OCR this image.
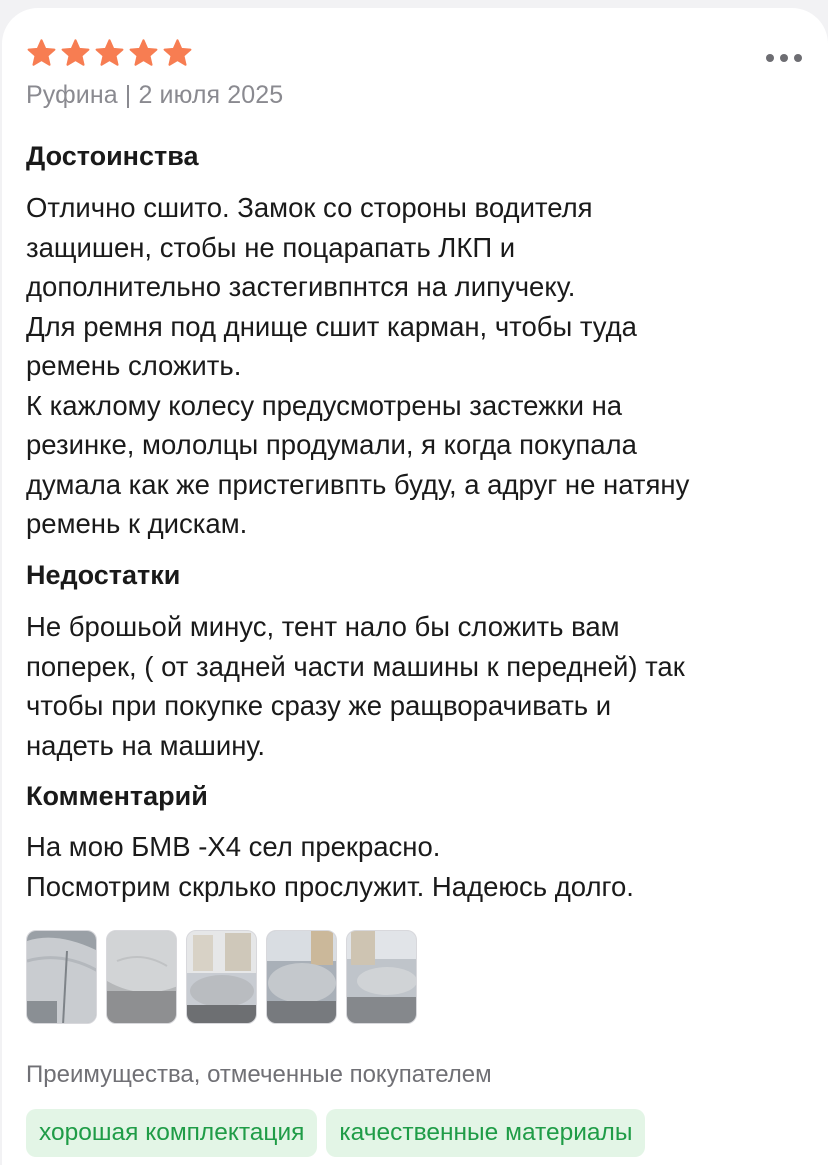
Руфина | 2 июля 2025
Достоинства
Отлично сшито. Замок со стороны водителя
защишен, стобы не поцарапать ЛКП и
дополнительно застегивпнтся на липучеку.
Для ремня под днище сшит карман, чтобы туда
ремень сложить.
К кажлому колесу предусмотрены застежки на
резинке, мололцы продумали, я когда покупала
думала как же пристегивпть буду, а адруг не натяну
ремень к дискам.
Недостатки
Не брошьой минус, тент нало бы сложить вам
поперек, ( от задней части машины к передней) так
чтобы при покупке сразу же ращворачивать и
надеть на машину.
Комментарий
На мою БМВ -Х4 сел прекрасно.
Посмотрим скрлько прослужит. Надеюсь долго.
Преимущества, отмеченные покупателем
хорошая комплектация	качественные материалы
